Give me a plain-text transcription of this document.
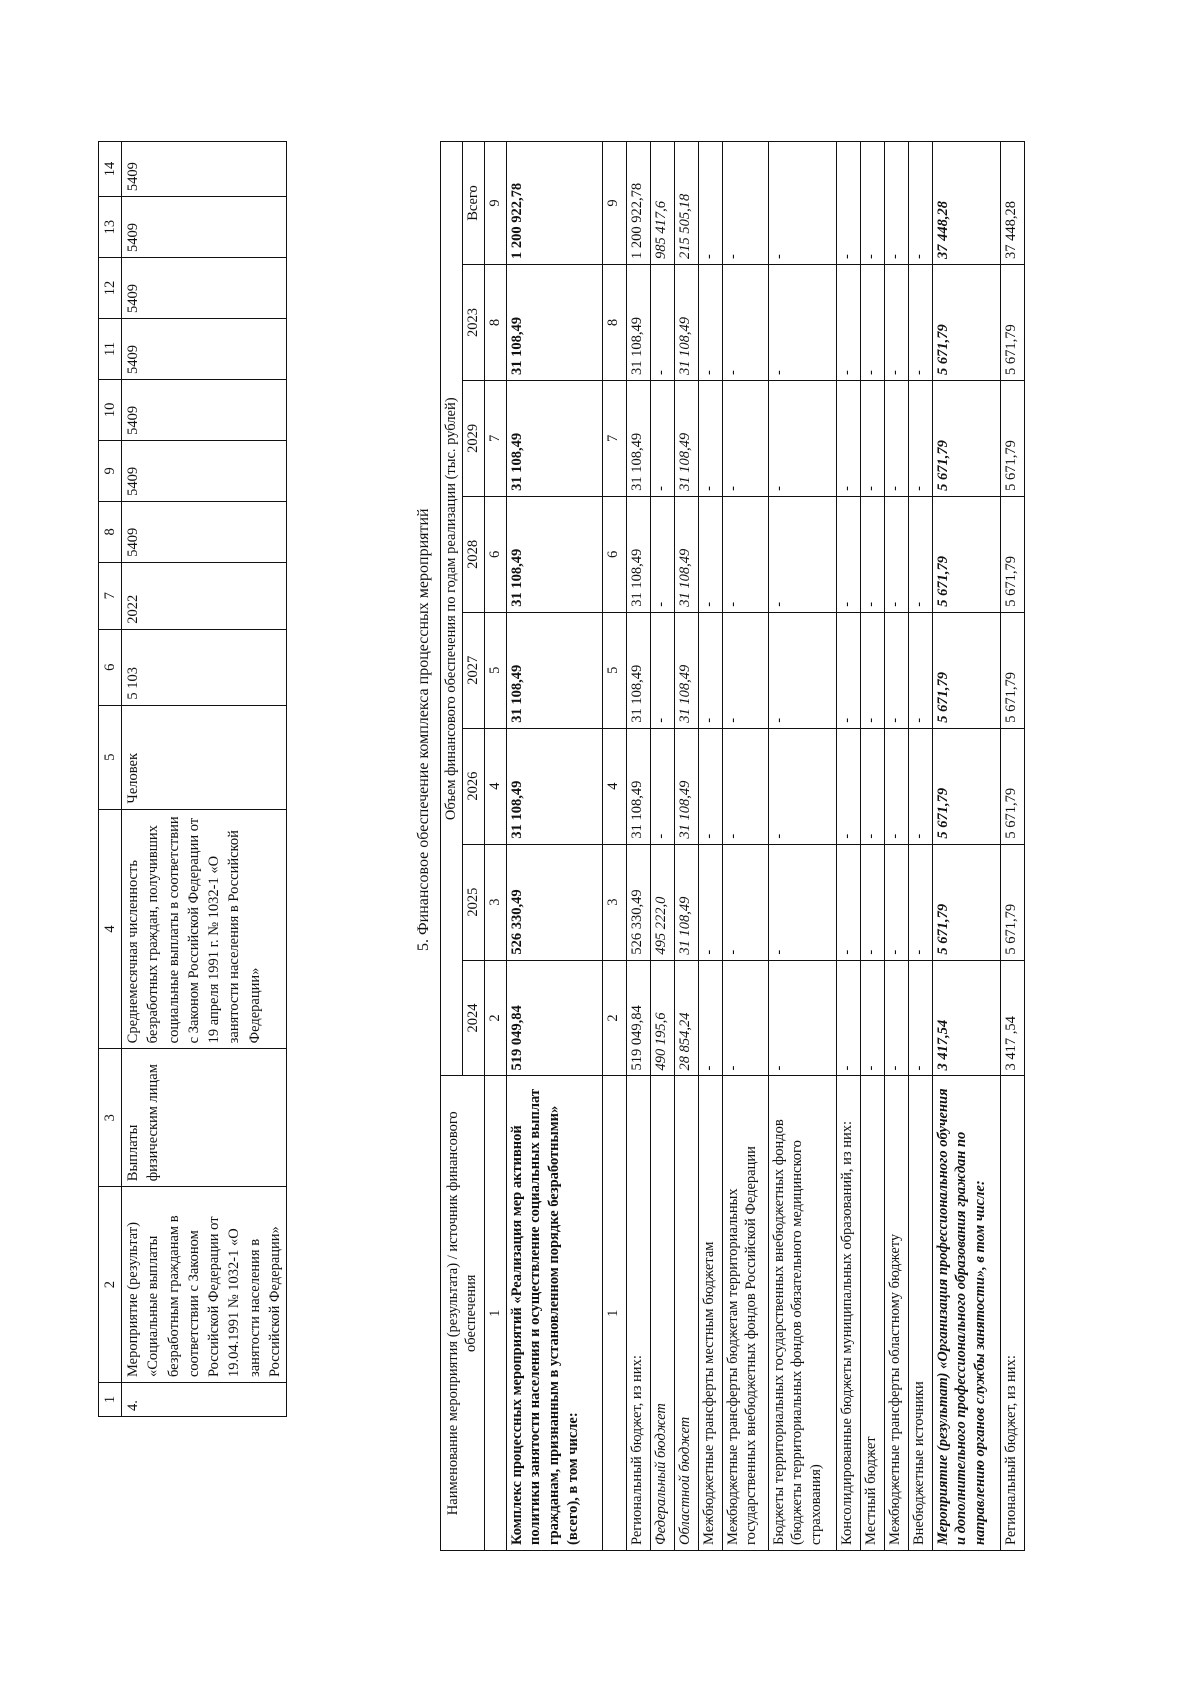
1	2	3	4	5	6	7	8	9	10	11	12	13	14
4.	Мероприятие (результат) «Социальные выплаты безработным гражданам в соответствии с Законом Российской Федерации от 19.04.1991 № 1032-1 «О занятости населения в Российской Федерации»	Выплаты физическим лицам	Среднемесячная численность безработных граждан, получивших социальные выплаты в соответствии с Законом Российской Федерации от 19 апреля 1991 г. № 1032-1 «О занятости населения в Российской Федерации»	Человек	5 103	2022	5409	5409	5409	5409	5409	5409	5409
5. Финансовое обеспечение комплекса процессных мероприятий
Наименование мероприятия (результата) / источник финансового обеспечения	Объем финансового обеспечения по годам реализации (тыс. рублей)							
	2024	2025	2026	2027	2028	2029	2023	Всего
1	2	3	4	5	6	7	8	9
Комплекс процессных мероприятий «Реализация мер активной политики занятости населения и осуществление социальных выплат гражданам, признанным в установленном порядке безработными» (всего), в том числе:	519 049,84	526 330,49	31 108,49	31 108,49	31 108,49	31 108,49	31 108,49	1 200 922,78
1	2	3	4	5	6	7	8	9
Региональный бюджет, из них:	519 049,84	526 330,49	31 108,49	31 108,49	31 108,49	31 108,49	31 108,49	1 200 922,78
Федеральный бюджет	490 195,6	495 222,0	-	-	-	-	-	985 417,6
Областной бюджет	28 854,24	31 108,49	31 108,49	31 108,49	31 108,49	31 108,49	31 108,49	215 505,18
Межбюджетные трансферты местным бюджетам	-	-	-	-	-	-	-	-
Межбюджетные трансферты бюджетам территориальных государственных внебюджетных фондов Российской Федерации	-	-	-	-	-	-	-	-
Бюджеты территориальных государственных внебюджетных фондов (бюджеты территориальных фондов обязательного медицинского страхования)	-	-	-	-	-	-	-	-
Консолидированные бюджеты муниципальных образований, из них:	-	-	-	-	-	-	-	-
Местный бюджет	-	-	-	-	-	-	-	-
Межбюджетные трансферты областному бюджету	-	-	-	-	-	-	-	-
Внебюджетные источники	-	-	-	-	-	-	-	-
Мероприятие (результат) «Организация профессионального обучения и дополнительного профессионального образования граждан по направлению органов службы занятости», в том числе:	3 417,54	5 671,79	5 671,79	5 671,79	5 671,79	5 671,79	5 671,79	37 448,28
Региональный бюджет, из них:	3 417 ,54	5 671,79	5 671,79	5 671,79	5 671,79	5 671,79	5 671,79	37 448,28
